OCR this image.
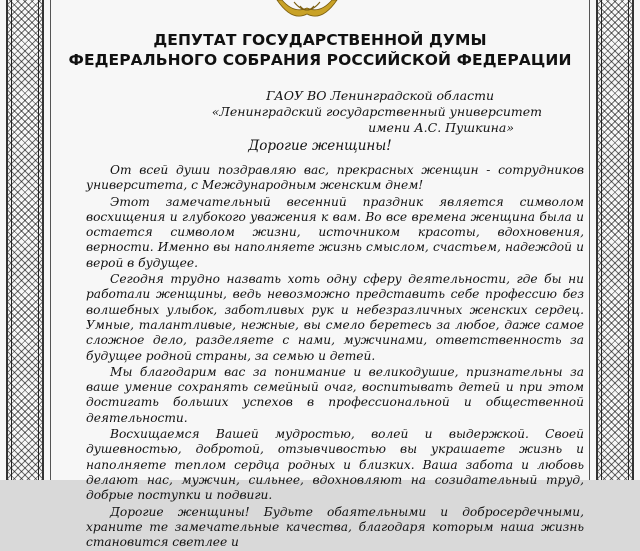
ДЕПУТАТ ГОСУДАРСТВЕННОЙ ДУМЫ
ФЕДЕРАЛЬНОГО СОБРАНИЯ РОССИЙСКОЙ ФЕДЕРАЦИИ
ГАОУ ВО Ленинградской области
«Ленинградский государственный университет
имени А.С. Пушкина»
Дорогие женщины!

От всей души поздравляю вас, прекрасных женщин - сотрудников университета, с Международным женским днем!

Этот замечательный весенний праздник является символом восхищения и глубокого уважения к вам. Во все времена женщина была и остается символом жизни, источником красоты, вдохновения, верности. Именно вы наполняете жизнь смыслом, счастьем, надеждой и верой в будущее.

Сегодня трудно назвать хоть одну сферу деятельности, где бы ни работали женщины, ведь невозможно представить себе профессию без волшебных улыбок, заботливых рук и небезразличных женских сердец. Умные, талантливые, нежные, вы смело беретесь за любое, даже самое сложное дело, разделяете с нами, мужчинами, ответственность за будущее родной страны, за семью и детей.

Мы благодарим вас за понимание и великодушие, признательны за ваше умение сохранять семейный очаг, воспитывать детей и при этом достигать больших успехов в профессиональной и общественной деятельности.

Восхищаемся Вашей мудростью, волей и выдержкой. Своей душевностью, добротой, отзывчивостью вы украшаете жизнь и наполняете теплом сердца родных и близких. Ваша забота и любовь делают нас, мужчин, сильнее, вдохновляют на созидательный труд, добрые поступки и подвиги.

Дорогие женщины! Будьте обаятельными и добросердечными, храните те замечательные качества, благодаря которым наша жизнь становится светлее и
